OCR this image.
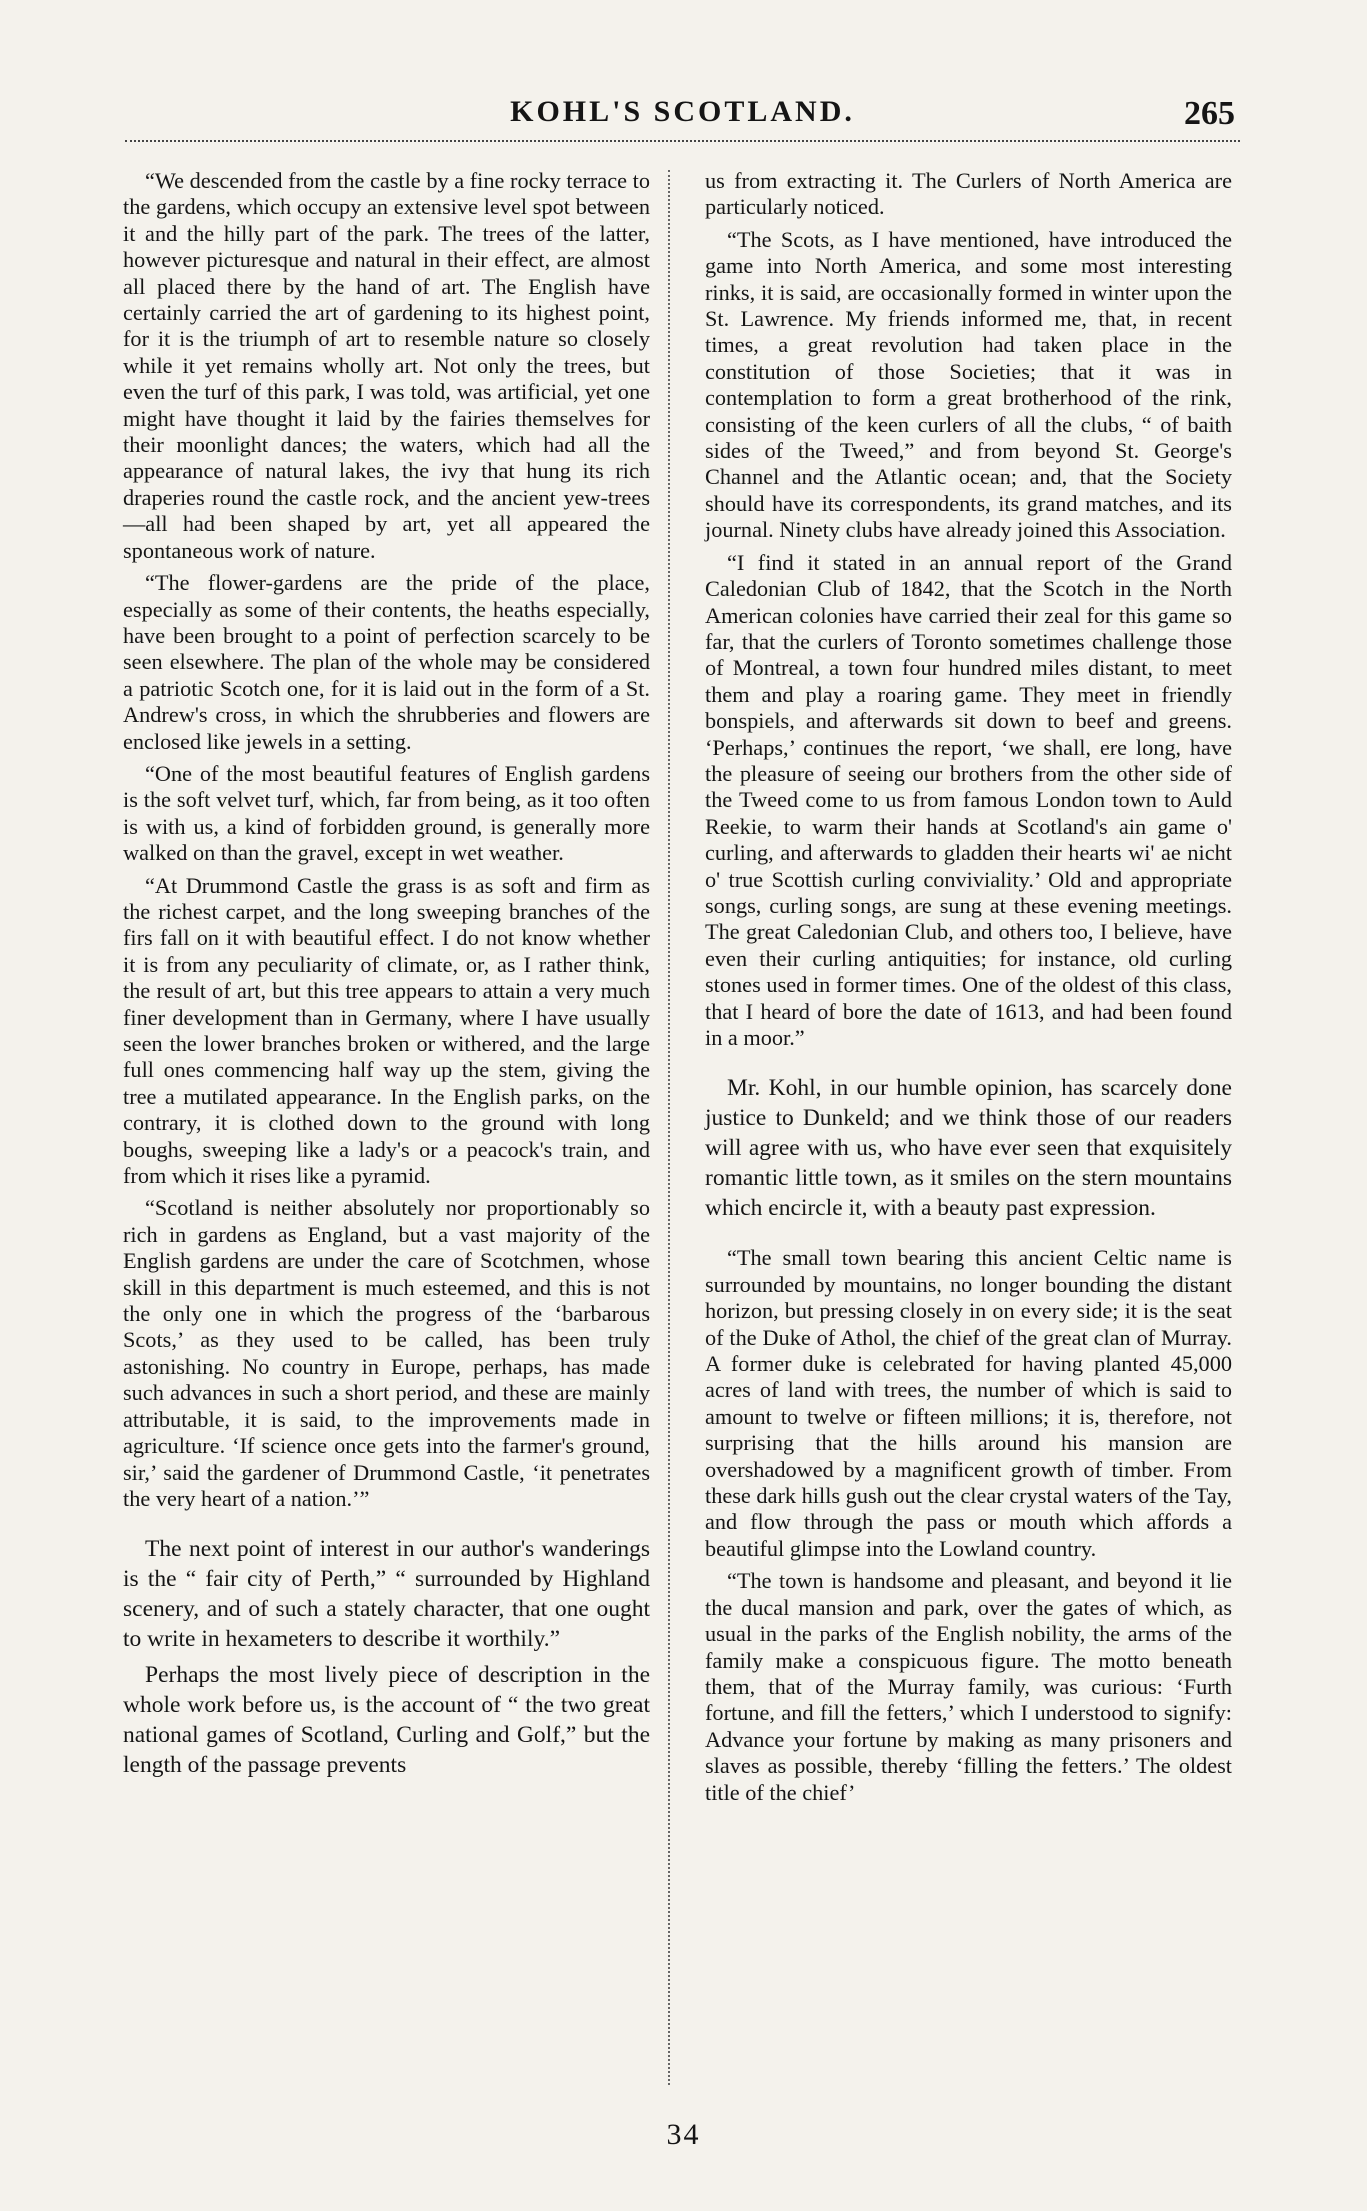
KOHL'S SCOTLAND.	265

“We descended from the castle by a fine rocky terrace to the gardens, which occupy an extensive level spot between it and the hilly part of the park. The trees of the latter, however picturesque and natural in their effect, are almost all placed there by the hand of art. The English have certainly carried the art of gardening to its highest point, for it is the triumph of art to resemble nature so closely while it yet remains wholly art. Not only the trees, but even the turf of this park, I was told, was artificial, yet one might have thought it laid by the fairies themselves for their moonlight dances; the waters, which had all the appearance of natural lakes, the ivy that hung its rich draperies round the castle rock, and the ancient yew-trees—all had been shaped by art, yet all appeared the spontaneous work of nature.

“The flower-gardens are the pride of the place, especially as some of their contents, the heaths especially, have been brought to a point of perfection scarcely to be seen elsewhere. The plan of the whole may be considered a patriotic Scotch one, for it is laid out in the form of a St. Andrew's cross, in which the shrubberies and flowers are enclosed like jewels in a setting.

“One of the most beautiful features of English gardens is the soft velvet turf, which, far from being, as it too often is with us, a kind of forbidden ground, is generally more walked on than the gravel, except in wet weather.

“At Drummond Castle the grass is as soft and firm as the richest carpet, and the long sweeping branches of the firs fall on it with beautiful effect. I do not know whether it is from any peculiarity of climate, or, as I rather think, the result of art, but this tree appears to attain a very much finer development than in Germany, where I have usually seen the lower branches broken or withered, and the large full ones commencing half way up the stem, giving the tree a mutilated appearance. In the English parks, on the contrary, it is clothed down to the ground with long boughs, sweeping like a lady's or a peacock's train, and from which it rises like a pyramid.

“Scotland is neither absolutely nor proportionably so rich in gardens as England, but a vast majority of the English gardens are under the care of Scotchmen, whose skill in this department is much esteemed, and this is not the only one in which the progress of the ‘barbarous Scots,’ as they used to be called, has been truly astonishing. No country in Europe, perhaps, has made such advances in such a short period, and these are mainly attributable, it is said, to the improvements made in agriculture. ‘If science once gets into the farmer's ground, sir,’ said the gardener of Drummond Castle, ‘it penetrates the very heart of a nation.’”

The next point of interest in our author's wanderings is the “ fair city of Perth,” “ surrounded by Highland scenery, and of such a stately character, that one ought to write in hexameters to describe it worthily.”

Perhaps the most lively piece of description in the whole work before us, is the account of “ the two great national games of Scotland, Curling and Golf,” but the length of the passage prevents

us from extracting it. The Curlers of North America are particularly noticed.

“The Scots, as I have mentioned, have introduced the game into North America, and some most interesting rinks, it is said, are occasionally formed in winter upon the St. Lawrence. My friends informed me, that, in recent times, a great revolution had taken place in the constitution of those Societies; that it was in contemplation to form a great brotherhood of the rink, consisting of the keen curlers of all the clubs, “ of baith sides of the Tweed,” and from beyond St. George's Channel and the Atlantic ocean; and, that the Society should have its correspondents, its grand matches, and its journal. Ninety clubs have already joined this Association.

“I find it stated in an annual report of the Grand Caledonian Club of 1842, that the Scotch in the North American colonies have carried their zeal for this game so far, that the curlers of Toronto sometimes challenge those of Montreal, a town four hundred miles distant, to meet them and play a roaring game. They meet in friendly bonspiels, and afterwards sit down to beef and greens. ‘Perhaps,’ continues the report, ‘we shall, ere long, have the pleasure of seeing our brothers from the other side of the Tweed come to us from famous London town to Auld Reekie, to warm their hands at Scotland's ain game o' curling, and afterwards to gladden their hearts wi' ae nicht o' true Scottish curling conviviality.’ Old and appropriate songs, curling songs, are sung at these evening meetings. The great Caledonian Club, and others too, I believe, have even their curling antiquities; for instance, old curling stones used in former times. One of the oldest of this class, that I heard of bore the date of 1613, and had been found in a moor.”

Mr. Kohl, in our humble opinion, has scarcely done justice to Dunkeld; and we think those of our readers will agree with us, who have ever seen that exquisitely romantic little town, as it smiles on the stern mountains which encircle it, with a beauty past expression.

“The small town bearing this ancient Celtic name is surrounded by mountains, no longer bounding the distant horizon, but pressing closely in on every side; it is the seat of the Duke of Athol, the chief of the great clan of Murray. A former duke is celebrated for having planted 45,000 acres of land with trees, the number of which is said to amount to twelve or fifteen millions; it is, therefore, not surprising that the hills around his mansion are overshadowed by a magnificent growth of timber. From these dark hills gush out the clear crystal waters of the Tay, and flow through the pass or mouth which affords a beautiful glimpse into the Lowland country.

“The town is handsome and pleasant, and beyond it lie the ducal mansion and park, over the gates of which, as usual in the parks of the English nobility, the arms of the family make a conspicuous figure. The motto beneath them, that of the Murray family, was curious: ‘Furth fortune, and fill the fetters,’ which I understood to signify: Advance your fortune by making as many prisoners and slaves as possible, thereby ‘filling the fetters.’ The oldest title of the chief’

34
